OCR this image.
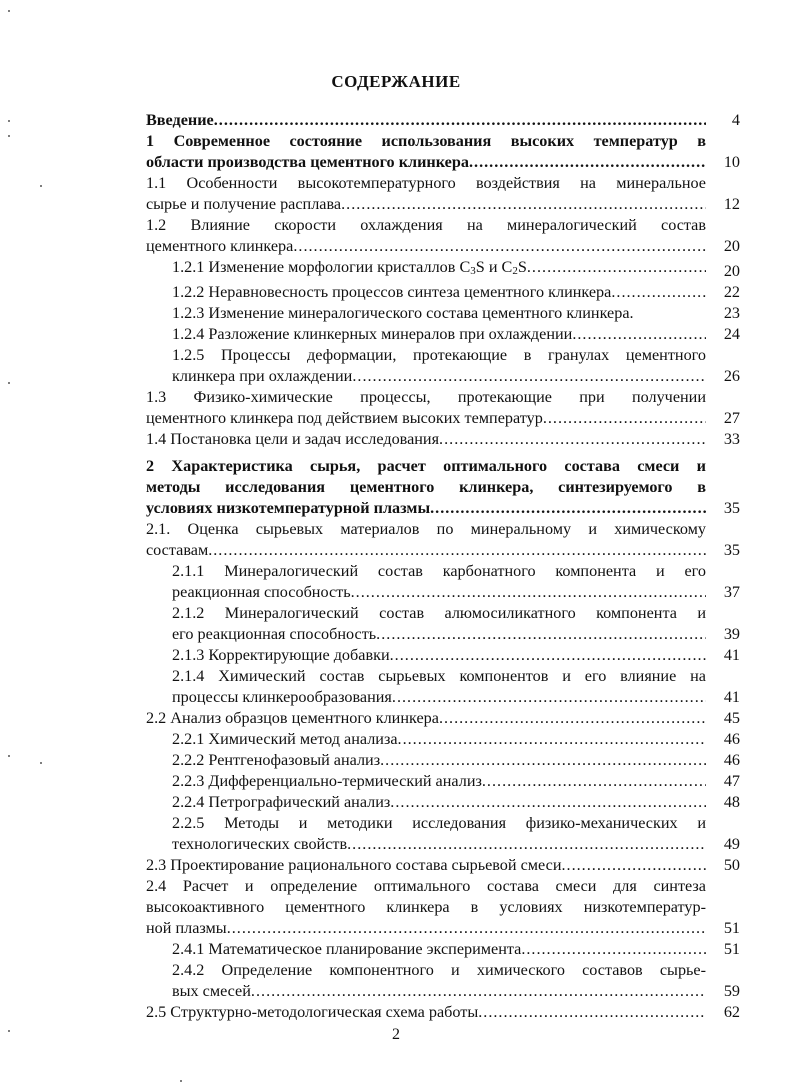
СОДЕРЖАНИЕ
Введение .....	4
1 Современное состояние использования высоких температур в
области производства цементного клинкера .....	10
1.1 Особенности высокотемпературного воздействия на минеральное
сырье и получение расплава .....	12
1.2 Влияние скорости охлаждения на минералогический состав
цементного клинкера .....	20
1.2.1 Изменение морфологии кристаллов C3S и C2S .....	20
1.2.2 Неравновесность процессов синтеза цементного клинкера .....	22
1.2.3 Изменение минералогического состава цементного клинкера.	23
1.2.4 Разложение клинкерных минералов при охлаждении .....	24
1.2.5 Процессы деформации, протекающие в гранулах цементного
клинкера при охлаждении .....	26
1.3 Физико-химические процессы, протекающие при получении
цементного клинкера под действием высоких температур .....	27
1.4 Постановка цели и задач исследования .....	33
2 Характеристика сырья, расчет оптимального состава смеси и
методы исследования цементного клинкера, синтезируемого в
условиях низкотемпературной плазмы .....	35
2.1. Оценка сырьевых материалов по минеральному и химическому
составам .....	35
2.1.1 Минералогический состав карбонатного компонента и его
реакционная способность .....	37
2.1.2 Минералогический состав алюмосиликатного компонента и
его реакционная способность .....	39
2.1.3 Корректирующие добавки .....	41
2.1.4 Химический состав сырьевых компонентов и его влияние на
процессы клинкерообразования .....	41
2.2 Анализ образцов цементного клинкера .....	45
2.2.1 Химический метод анализа .....	46
2.2.2 Рентгенофазовый анализ .....	46
2.2.3 Дифференциально-термический анализ .....	47
2.2.4 Петрографический анализ .....	48
2.2.5 Методы и методики исследования физико-механических и
технологических свойств .....	49
2.3 Проектирование рационального состава сырьевой смеси .....	50
2.4 Расчет и определение оптимального состава смеси для синтеза
высокоактивного цементного клинкера в условиях низкотемператур-
ной плазмы .....	51
2.4.1 Математическое планирование эксперимента .....	51
2.4.2 Определение компонентного и химического составов сырье-
вых смесей .....	59
2.5 Структурно-методологическая схема работы .....	62
2
